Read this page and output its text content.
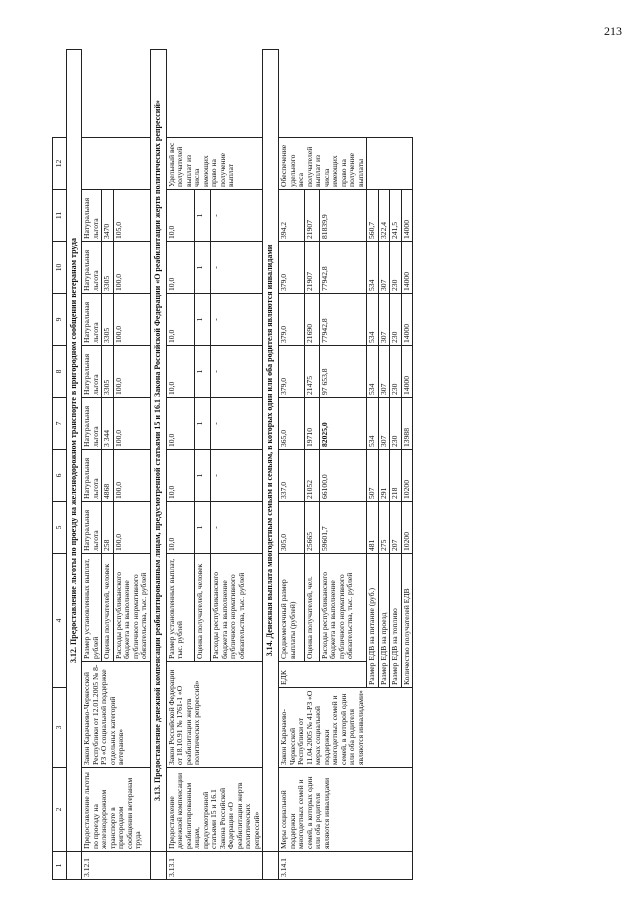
213
1	2	3	4		5	6	7	8	9	10	11	12
	3.12. Предоставление льготы по проезду на железнодорожном транспорте в пригородном сообщении ветеранам труда											
3.12.1	Предоставление льготы по проезду на железнодорожном транспорте в пригородном сообщении ветеранам труда	Закон Карачаево-Черкесской Республики от 12.01.2005 № 8-РЗ «О социальной поддержке отдельных категорий ветеранов»		Размер установленных выплат, рублей	Натуральная льгота	Натуральная льгота	Натуральная льгота	Натуральная льгота	Натуральная льгота	Натуральная льгота	Натуральная льгота	
				Оценка получателей, человек	258	4868	3 344	3305	3305	3305	3470	
				Расходы республиканского бюджета на выполнение публичного нормативного обязательства, тыс. рублей	100,0	100,0	100,0	100,0	100,0	100,0	105,0	
	3.13. Предоставление денежной компенсации реабилитированным лицам, предусмотренной статьями 15 и 16.1 Закона Российской Федерации «О реабилитации жертв политических репрессий»											
3.13.1	Предоставление денежной компенсации реабилитированным лицам, предусмотренной статьями 15 и 16.1 Закона Российской Федерации «О реабилитации жертв политических репрессий»	Закон Российской Федерации от 18.10.91 № 1761-1 «О реабилитации жертв политических репрессий»		Размер установленных выплат, тыс. рублей	10,0	10,0	10,0	10,0	10,0	10,0	10,0	Удельный вес получателей выплат из числа имеющих право на получение выплат
				Оценка получателей, человек	1	1	1	1	1	1	1	
				Расходы республиканского бюджета на выполнение публичного нормативного обязательства, тыс. рублей	-	-	-	-	-	-	-	
	3.14. Денежная выплата многодетным семьям и семьям, в которых один или оба родителя являются инвалидами											
3.14.1	Меры социальной поддержки многодетных семей и семей, в которых один или оба родителя являются инвалидами	Закон Карачаево-Черкесской Республики от 11.04.2005 № 41-РЗ «О мерах социальной поддержки многодетных семей и семей, в которой один или оба родителя являются инвалидами»	ЕДК	Среднемесячный размер выплаты (рублей)	305,0	337,0	365,0	379,0	379,0	379,0	394,2	Обеспечение удельного веса получателей выплат из числа имеющих право на получение выплаты
				Оценка получателей, чел.	25665	21052	19710	21475	21690	21907	21907	
				Расходы республиканского бюджета на выполнение публичного нормативного обязательства, тыс. рублей	59601,7	66100,0	82025,0	97 653,8	77942,8	77942,8	81839,9	
			Размер ЕДВ на питание (руб.)		481	507	534	534	534	534	560,7	
			Размер ЕДВ на проезд		275	291	307	307	307	307	322,4	
			Размер ЕДВ на топливо		207	218	230	230	230	230	241,5	
			Количество получателей ЕДВ		10200	10200	13988	14000	14000	14000	14000	
